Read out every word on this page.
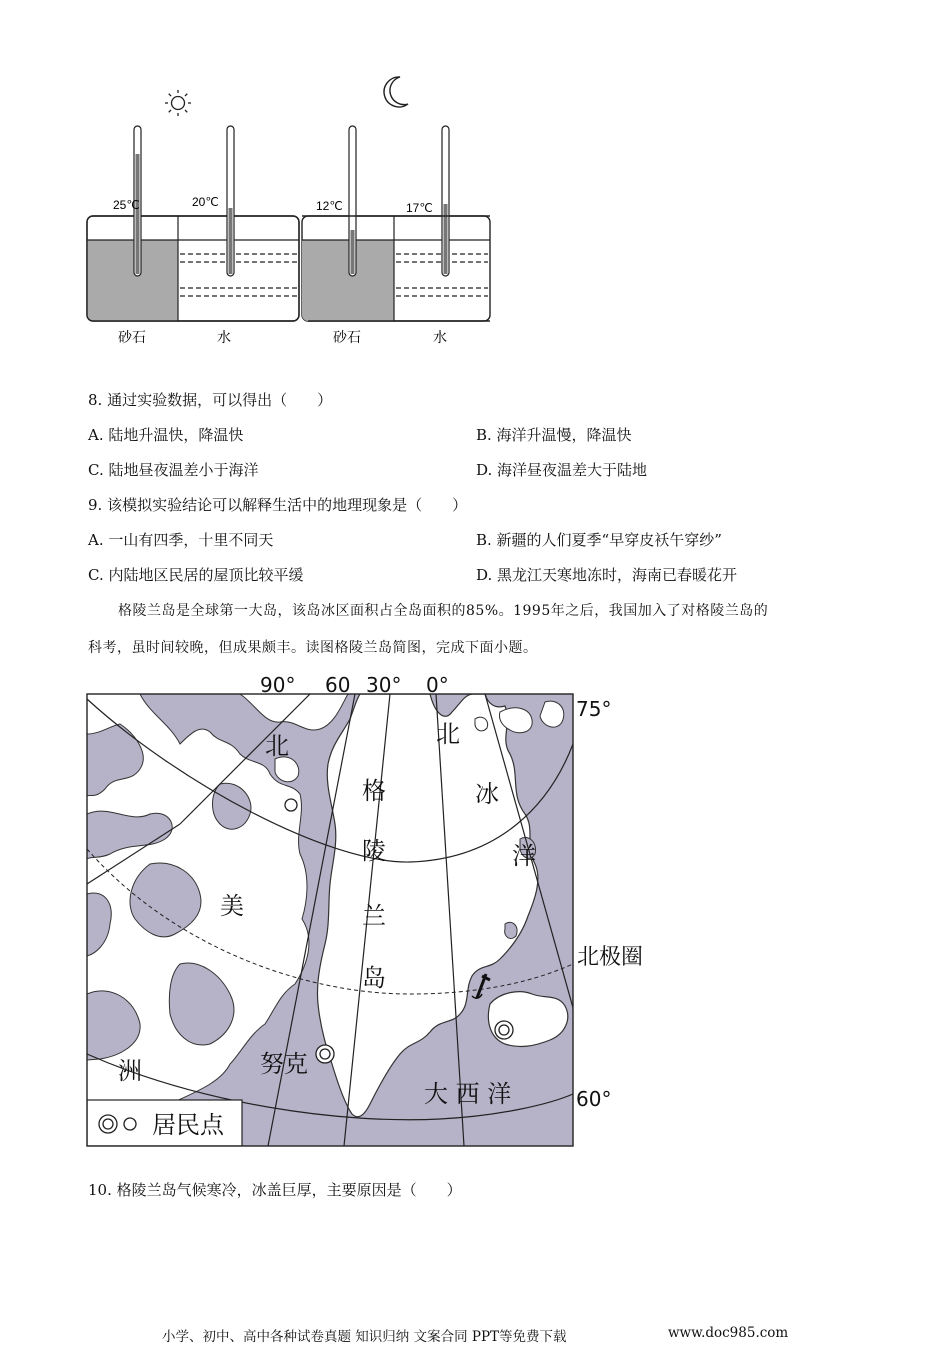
25℃	20℃	12℃	17℃
砂石	水	砂石	水
8. 通过实验数据，可以得出（　　）
A. 陆地升温快，降温快	B. 海洋升温慢，降温快
C. 陆地昼夜温差小于海洋	D. 海洋昼夜温差大于陆地
9. 该模拟实验结论可以解释生活中的地理现象是（　　）
A. 一山有四季，十里不同天	B. 新疆的人们夏季“早穿皮袄午穿纱”
C. 内陆地区民居的屋顶比较平缓	D. 黑龙江天寒地冻时，海南已春暖花开
格陵兰岛是全球第一大岛，该岛冰区面积占全岛面积的85%。1995年之后，我国加入了对格陵兰岛的
科考，虽时间较晚，但成果颇丰。读图格陵兰岛简图，完成下面小题。
90° 60 30° 0°
75°
60°
北极圈
格
陵
兰
岛
北
美
洲
北
冰
洋
大 西 洋
努克
居民点
10. 格陵兰岛气候寒冷，冰盖巨厚，主要原因是（　　）
小学、初中、高中各种试卷真题 知识归纳 文案合同 PPT等免费下载	www.doc985.com
